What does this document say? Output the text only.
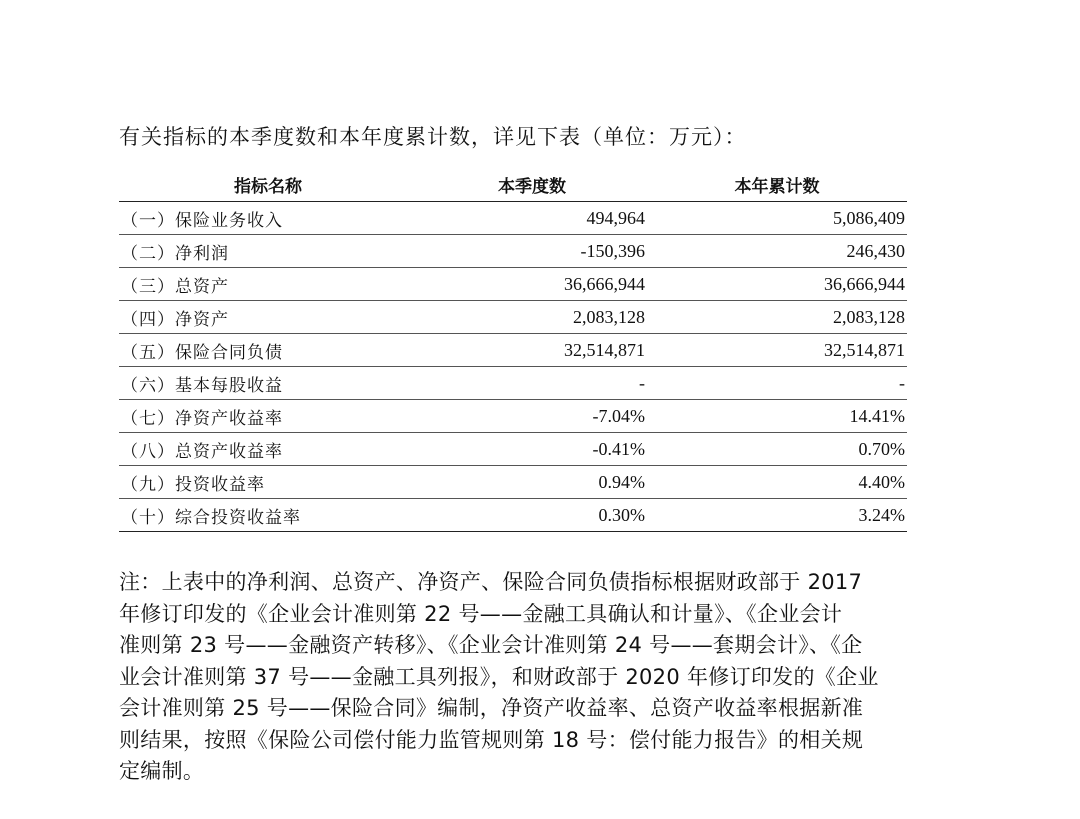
有关指标的本季度数和本年度累计数，详见下表（单位：万元）：
指标名称	本季度数	本年累计数
（一）保险业务收入	494,964	5,086,409
（二）净利润	-150,396	246,430
（三）总资产	36,666,944	36,666,944
（四）净资产	2,083,128	2,083,128
（五）保险合同负债	32,514,871	32,514,871
（六）基本每股收益	-	-
（七）净资产收益率	-7.04%	14.41%
（八）总资产收益率	-0.41%	0.70%
（九）投资收益率	0.94%	4.40%
（十）综合投资收益率	0.30%	3.24%

注：上表中的净利润、总资产、净资产、保险合同负债指标根据财政部于 2017

年修订印发的《企业会计准则第 22 号——金融工具确认和计量》、《企业会计

准则第 23 号——金融资产转移》、《企业会计准则第 24 号——套期会计》、《企

业会计准则第 37 号——金融工具列报》，和财政部于 2020 年修订印发的《企业

会计准则第 25 号——保险合同》编制，净资产收益率、总资产收益率根据新准

则结果，按照《保险公司偿付能力监管规则第 18 号：偿付能力报告》的相关规

定编制。
